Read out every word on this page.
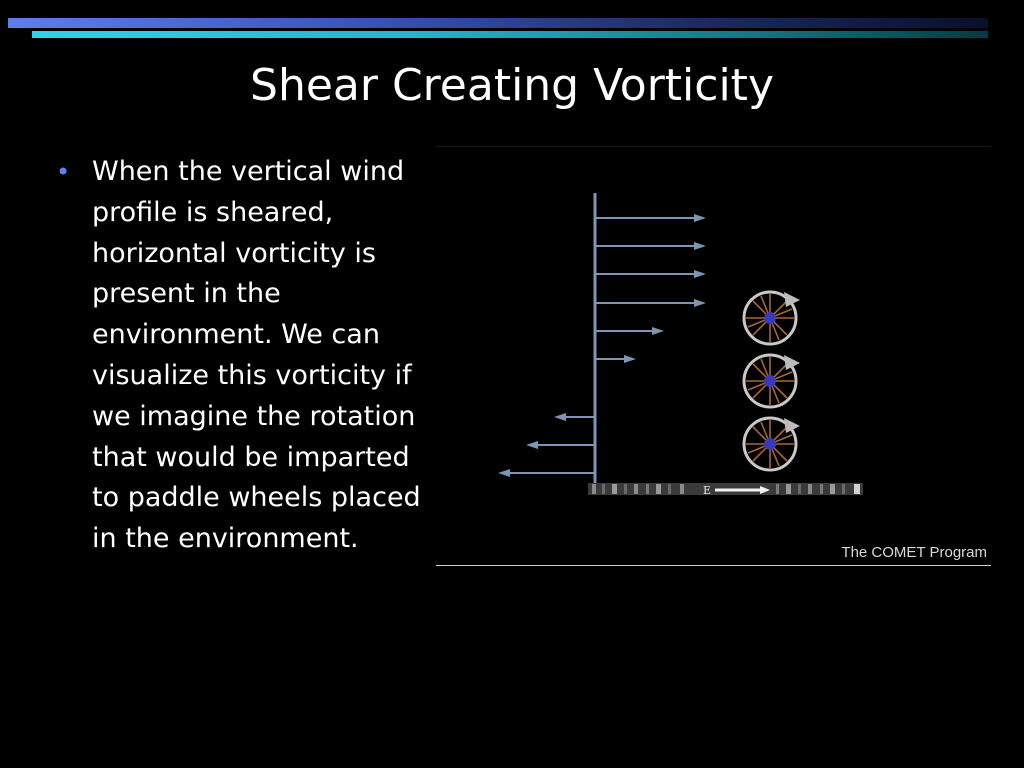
Shear Creating Vorticity
• When the vertical wind profile is sheared, horizontal vorticity is present in the environment. We can visualize this vorticity if we imagine the rotation that would be imparted to paddle wheels placed in the environment.
E
The COMET Program
